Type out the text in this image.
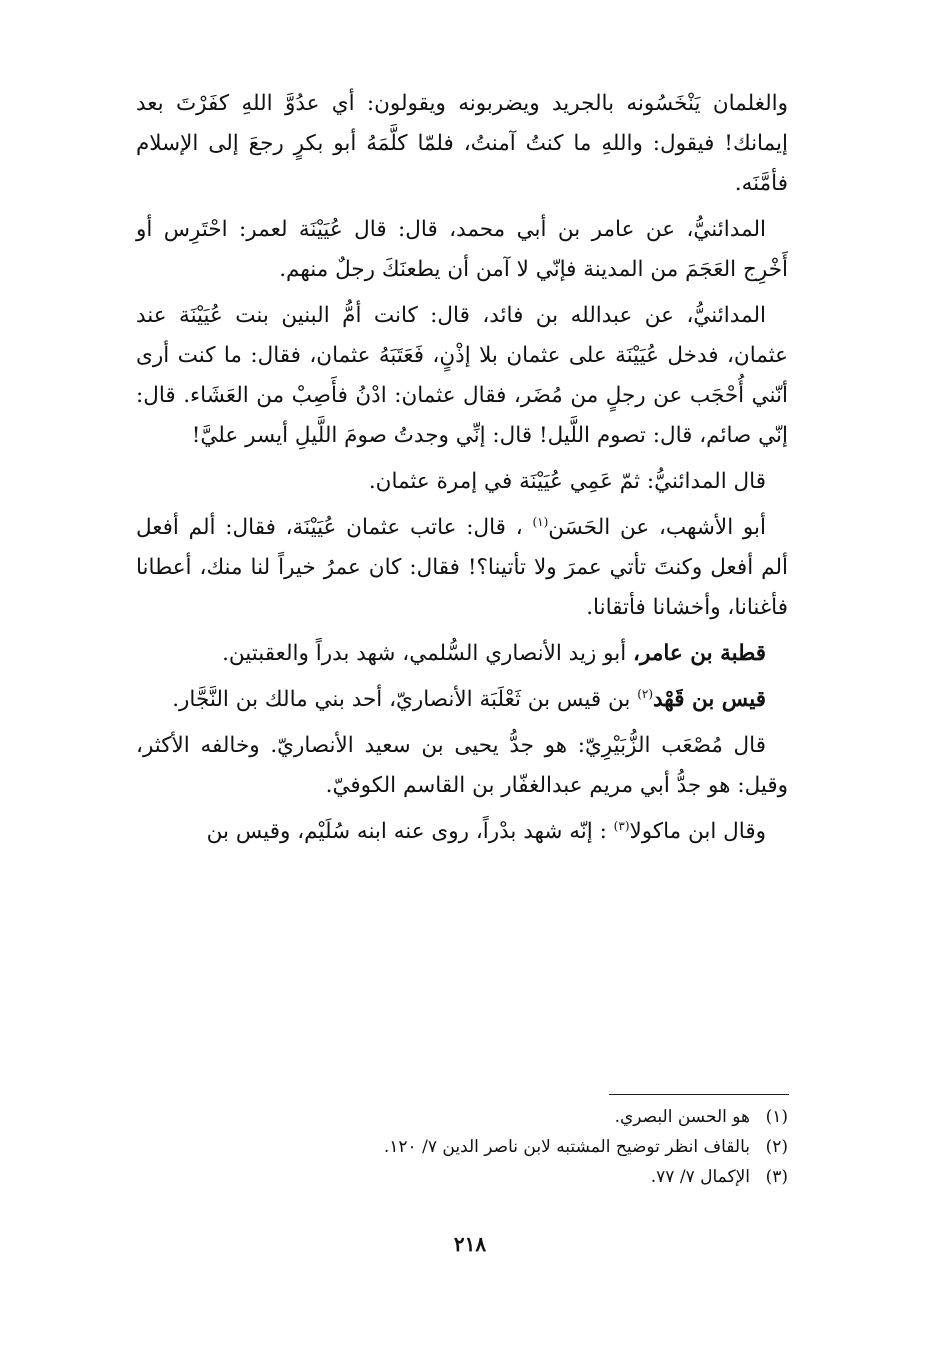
والغلمان يَنْخَسُونه بالجريد ويضربونه ويقولون: أي عدُوَّ اللهِ كفَرْتَ بعد إيمانك! فيقول: واللهِ ما كنتُ آمنتُ، فلمّا كلَّمَهُ أبو بكرٍ رجعَ إلى الإسلام فأمَّنَه.

المدائنيُّ، عن عامر بن أبي محمد، قال: قال عُيَيْنَة لعمر: احْتَرِس أو أَخْرِج العَجَمَ من المدينة فإنّي لا آمن أن يطعنَكَ رجلٌ منهم.

المدائنيُّ، عن عبدالله بن فائد، قال: كانت أمُّ البنين بنت عُيَيْنَة عند عثمان، فدخل عُيَيْنَة على عثمان بلا إذْنٍ، فَعَتَبَهُ عثمان، فقال: ما كنت أرى أنّني أُحْجَب عن رجلٍ من مُضَر، فقال عثمان: ادْنُ فأَصِبْ من العَشَاء. قال: إنّي صائم، قال: تصوم اللَّيل! قال: إنِّي وجدتُ صومَ اللَّيلِ أيسر عليَّ!

قال المدائنيُّ: ثمّ عَمِي عُيَيْنَة في إمرة عثمان.

أبو الأشهب، عن الحَسَن$^{(١)}$ ، قال: عاتب عثمان عُيَيْنَة، فقال: ألم أفعل ألم أفعل وكنتَ تأتي عمرَ ولا تأتينا؟! فقال: كان عمرُ خيراً لنا منك، أعطانا فأغنانا، وأخشانا فأتقانا.

قطبة بن عامر، أبو زيد الأنصاري السُّلمي، شهد بدراً والعقبتين.

قيس بن قَهْد$^{(٢)}$ بن قيس بن ثَعْلَبَة الأنصاريّ، أحد بني مالك بن النَّجَّار.

قال مُصْعَب الزُّبَيْرِيّ: هو جدُّ يحيى بن سعيد الأنصاريّ. وخالفه الأكثر، وقيل: هو جدُّ أبي مريم عبدالغفّار بن القاسم الكوفيّ.

وقال ابن ماكولا$^{(٣)}$ : إنّه شهد بدْراً، روى عنه ابنه سُلَيْم، وقيس بن

(١)
هو الحسن البصري.
(٢)
بالقاف انظر توضيح المشتبه لابن ناصر الدين ٧/ ١٢٠.
(٣)
الإكمال ٧/ ٧٧.
٢١٨
